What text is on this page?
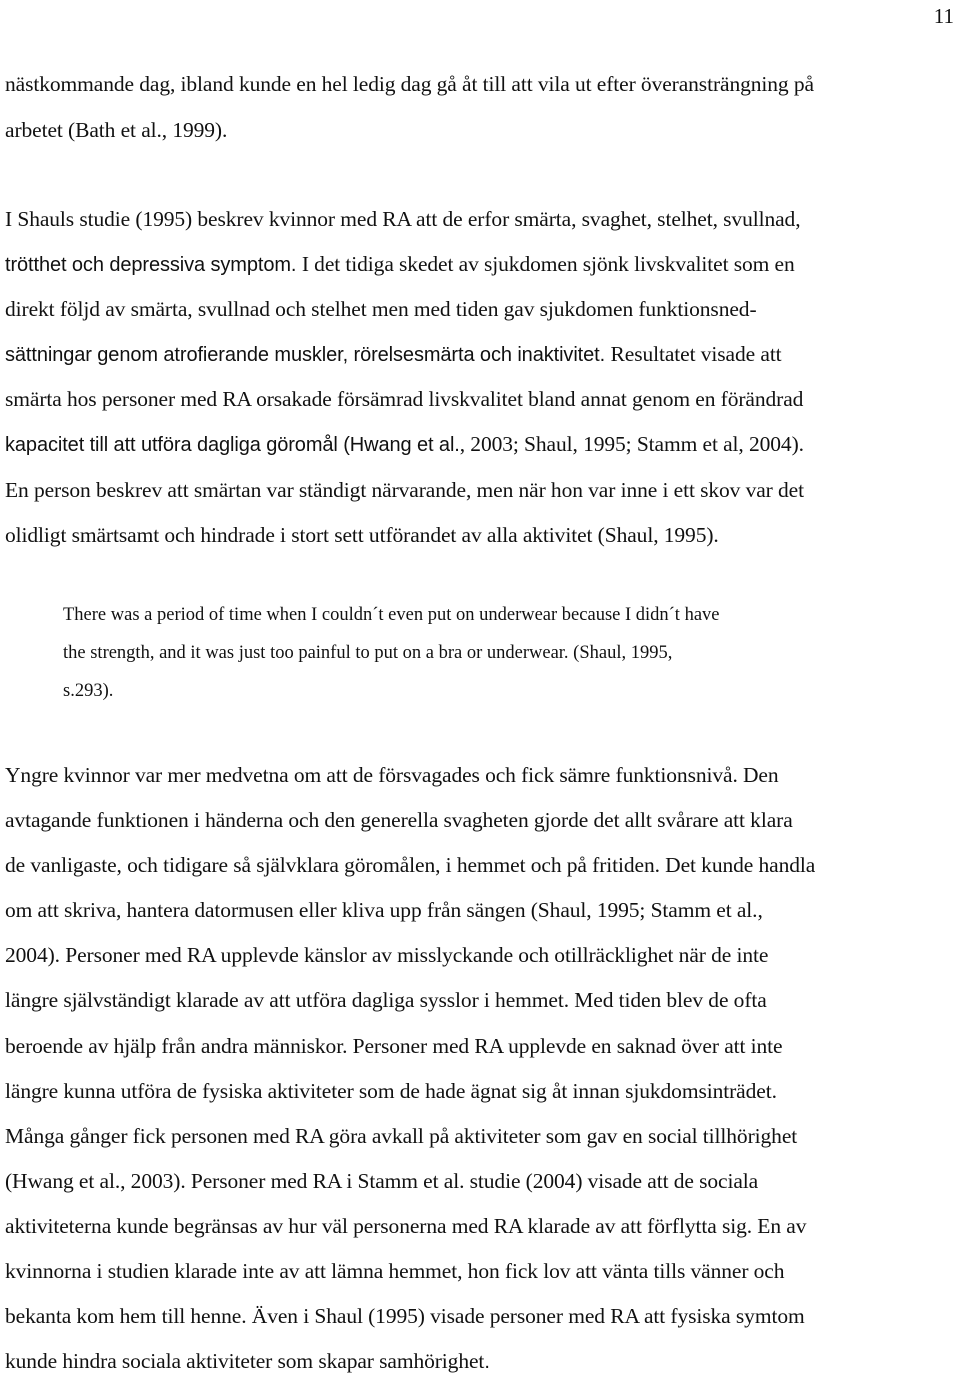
11
nästkommande dag, ibland kunde en hel ledig dag gå åt till att vila ut efter överansträngning på
arbetet (Bath et al., 1999).
I Shauls studie (1995) beskrev kvinnor med RA att de erfor smärta, svaghet, stelhet, svullnad,
trötthet och depressiva symptom. I det tidiga skedet av sjukdomen sjönk livskvalitet som en
direkt följd av smärta, svullnad och stelhet men med tiden gav sjukdomen funktionsned-
sättningar genom atrofierande muskler, rörelsesmärta och inaktivitet. Resultatet visade att
smärta hos personer med RA orsakade försämrad livskvalitet bland annat genom en förändrad
kapacitet till att utföra dagliga göromål (Hwang et al., 2003; Shaul, 1995; Stamm et al, 2004).
En person beskrev att smärtan var ständigt närvarande, men när hon var inne i ett skov var det
olidligt smärtsamt och hindrade i stort sett utförandet av alla aktivitet (Shaul, 1995).
There was a period of time when I couldn´t even put on underwear because I didn´t have
the strength, and it was just too painful to put on a bra or underwear. (Shaul, 1995,
s.293).
Yngre kvinnor var mer medvetna om att de försvagades och fick sämre funktionsnivå. Den
avtagande funktionen i händerna och den generella svagheten gjorde det allt svårare att klara
de vanligaste, och tidigare så självklara göromålen, i hemmet och på fritiden. Det kunde handla
om att skriva, hantera datormusen eller kliva upp från sängen (Shaul, 1995; Stamm et al.,
2004). Personer med RA upplevde känslor av misslyckande och otillräcklighet när de inte
längre självständigt klarade av att utföra dagliga sysslor i hemmet. Med tiden blev de ofta
beroende av hjälp från andra människor. Personer med RA upplevde en saknad över att inte
längre kunna utföra de fysiska aktiviteter som de hade ägnat sig åt innan sjukdomsinträdet.
Många gånger fick personen med RA göra avkall på aktiviteter som gav en social tillhörighet
(Hwang et al., 2003). Personer med RA i Stamm et al. studie (2004) visade att de sociala
aktiviteterna kunde begränsas av hur väl personerna med RA klarade av att förflytta sig. En av
kvinnorna i studien klarade inte av att lämna hemmet, hon fick lov att vänta tills vänner och
bekanta kom hem till henne. Även i Shaul (1995) visade personer med RA att fysiska symtom
kunde hindra sociala aktiviteter som skapar samhörighet.
